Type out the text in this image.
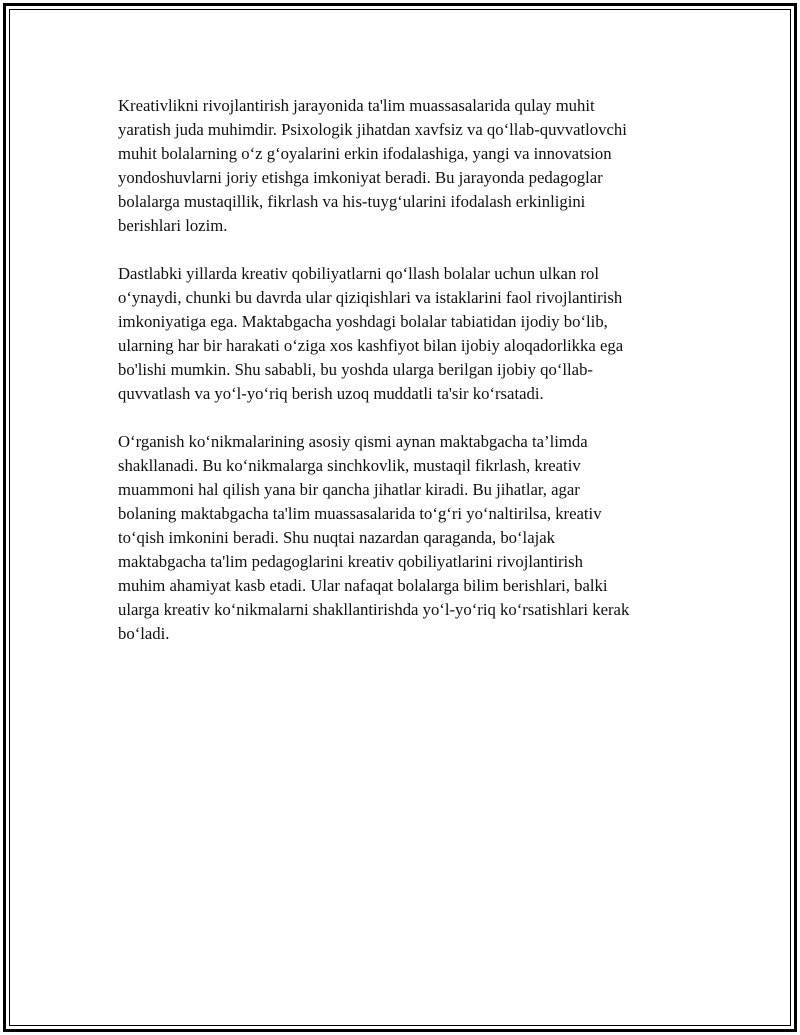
Kreativlikni rivojlantirish jarayonida ta'lim muassasalarida qulay muhit
yaratish juda muhimdir. Psixologik jihatdan xavfsiz va qo‘llab-quvvatlovchi
muhit bolalarning o‘z g‘oyalarini erkin ifodalashiga, yangi va innovatsion
yondoshuvlarni joriy etishga imkoniyat beradi. Bu jarayonda pedagoglar
bolalarga mustaqillik, fikrlash va his-tuyg‘ularini ifodalash erkinligini
berishlari lozim.

Dastlabki yillarda kreativ qobiliyatlarni qo‘llash bolalar uchun ulkan rol
o‘ynaydi, chunki bu davrda ular qiziqishlari va istaklarini faol rivojlantirish
imkoniyatiga ega. Maktabgacha yoshdagi bolalar tabiatidan ijodiy bo‘lib,
ularning har bir harakati o‘ziga xos kashfiyot bilan ijobiy aloqadorlikka ega
bo'lishi mumkin. Shu sababli, bu yoshda ularga berilgan ijobiy qo‘llab-
quvvatlash va yo‘l-yo‘riq berish uzoq muddatli ta'sir ko‘rsatadi.

O‘rganish ko‘nikmalarining asosiy qismi aynan maktabgacha ta’limda
shakllanadi. Bu ko‘nikmalarga sinchkovlik, mustaqil fikrlash, kreativ
muammoni hal qilish yana bir qancha jihatlar kiradi. Bu jihatlar, agar
bolaning maktabgacha ta'lim muassasalarida to‘g‘ri yo‘naltirilsa, kreativ
to‘qish imkonini beradi. Shu nuqtai nazardan qaraganda, bo‘lajak
maktabgacha ta'lim pedagoglarini kreativ qobiliyatlarini rivojlantirish
muhim ahamiyat kasb etadi. Ular nafaqat bolalarga bilim berishlari, balki
ularga kreativ ko‘nikmalarni shakllantirishda yo‘l-yo‘riq ko‘rsatishlari kerak
bo‘ladi.
